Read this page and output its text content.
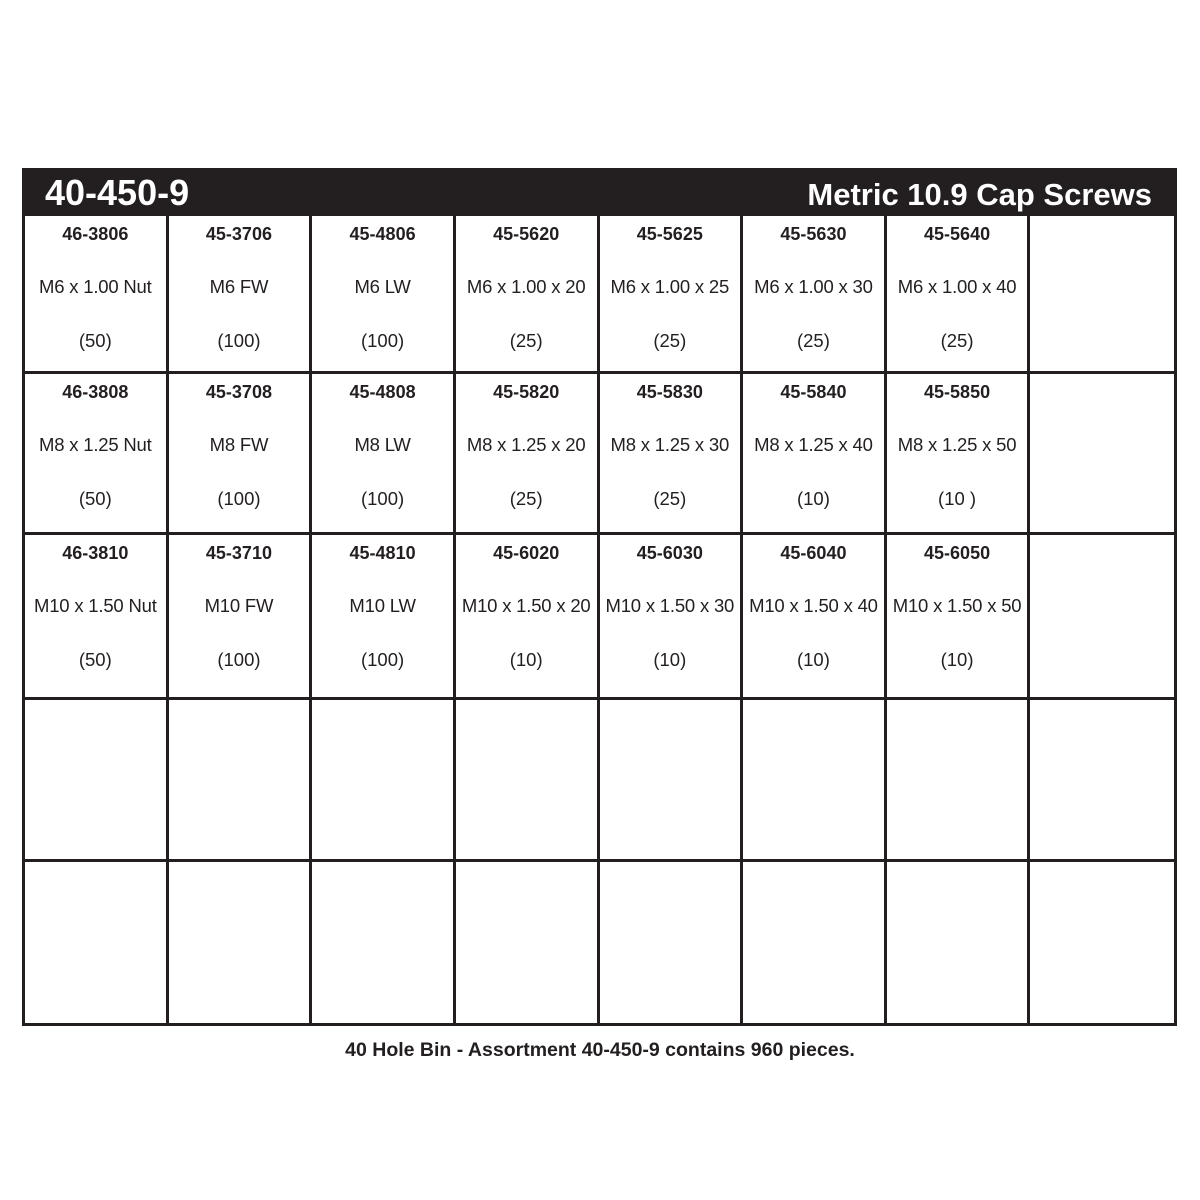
40-450-9	Metric 10.9 Cap Screws
46-3806
M6 x 1.00 Nut
(50)
45-3706
M6 FW
(100)
45-4806
M6 LW
(100)
45-5620
M6 x 1.00 x 20
(25)
45-5625
M6 x 1.00 x 25
(25)
45-5630
M6 x 1.00 x 30
(25)
45-5640
M6 x 1.00 x 40
(25)
46-3808
M8 x 1.25 Nut
(50)
45-3708
M8 FW
(100)
45-4808
M8 LW
(100)
45-5820
M8 x 1.25 x 20
(25)
45-5830
M8 x 1.25 x 30
(25)
45-5840
M8 x 1.25 x 40
(10)
45-5850
M8 x 1.25 x 50
(10 )
46-3810
M10 x 1.50 Nut
(50)
45-3710
M10 FW
(100)
45-4810
M10 LW
(100)
45-6020
M10 x 1.50 x 20
(10)
45-6030
M10 x 1.50 x 30
(10)
45-6040
M10 x 1.50 x 40
(10)
45-6050
M10 x 1.50 x 50
(10)
40 Hole Bin - Assortment 40-450-9 contains 960 pieces.
